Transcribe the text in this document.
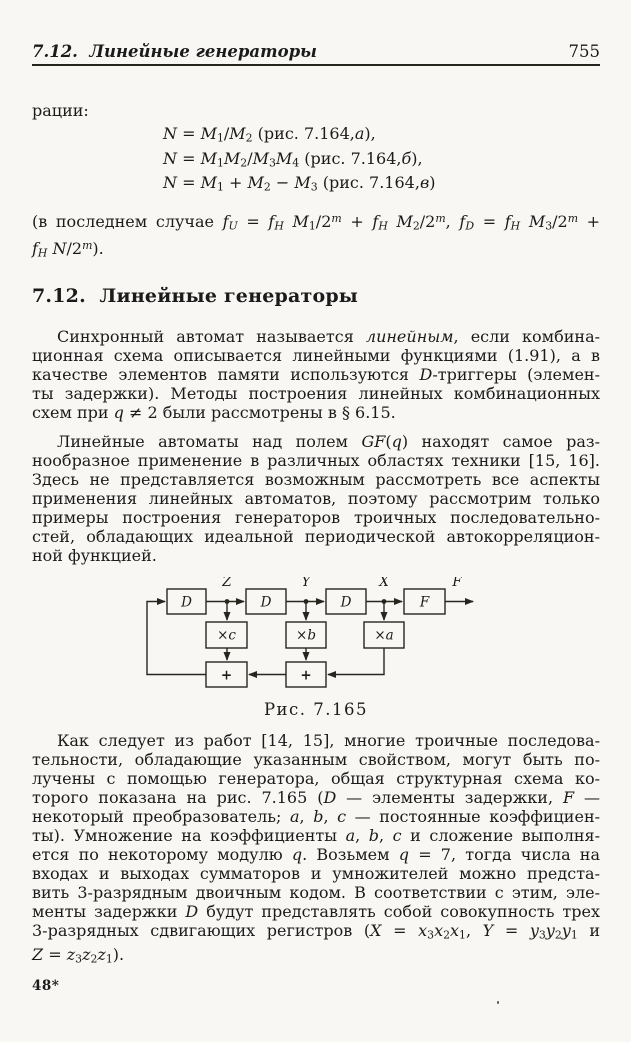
7.12.  Линейные генераторы	755
рации:
$N = M_1/M_2$ (рис. 7.164,а),
$N = M_1M_2/M_3M_4$ (рис. 7.164,б),
$N = M_1 + M_2 - M_3$ (рис. 7.164,в)
(в последнем случае $f_U = f_H$ $M_1/2^m + f_H$ $M_2/2^m$, $f_D = f_H$ $M_3/2^m$ +
$f_H$ N/2$^m$).
7.12.  Линейные генераторы
Синхронный автомат называется линейным, если комбина-
ционная схема описывается линейными функциями (1.91), а в
качестве элементов памяти используются D-триггеры (элемен-
ты задержки). Методы построения линейных комбинационных
схем при q ≠ 2 были рассмотрены в § 6.15.
Линейные автоматы над полем GF(q) находят самое раз-
нообразное применение в различных областях техники [15, 16].
Здесь не представляется возможным рассмотреть все аспекты
применения линейных автоматов, поэтому рассмотрим только
примеры построения генераторов троичных последовательно-
стей, обладающих идеальной периодической автокорреляцион-
ной функцией.
D	D	D	F
×c	×b	×a
+	+
Z	Y	X	F
Рис. 7.165
Как следует из работ [14, 15], многие троичные последова-
тельности, обладающие указанным свойством, могут быть по-
лучены с помощью генератора, общая структурная схема ко-
торого показана на рис. 7.165 (D — элементы задержки, F —
некоторый преобразователь; a, b, c — постоянные коэффициен-
ты). Умножение на коэффициенты a, b, c и сложение выполня-
ется по некоторому модулю q. Возьмем q = 7, тогда числа на
входах и выходах сумматоров и умножителей можно предста-
вить 3-разрядным двоичным кодом. В соответствии с этим, эле-
менты задержки D будут представлять собой совокупность трех
3-разрядных сдвигающих регистров ($X = x_3x_2x_1$, $Y = y_3y_2y_1$ и
$Z = z_3z_2z_1$).
48*
